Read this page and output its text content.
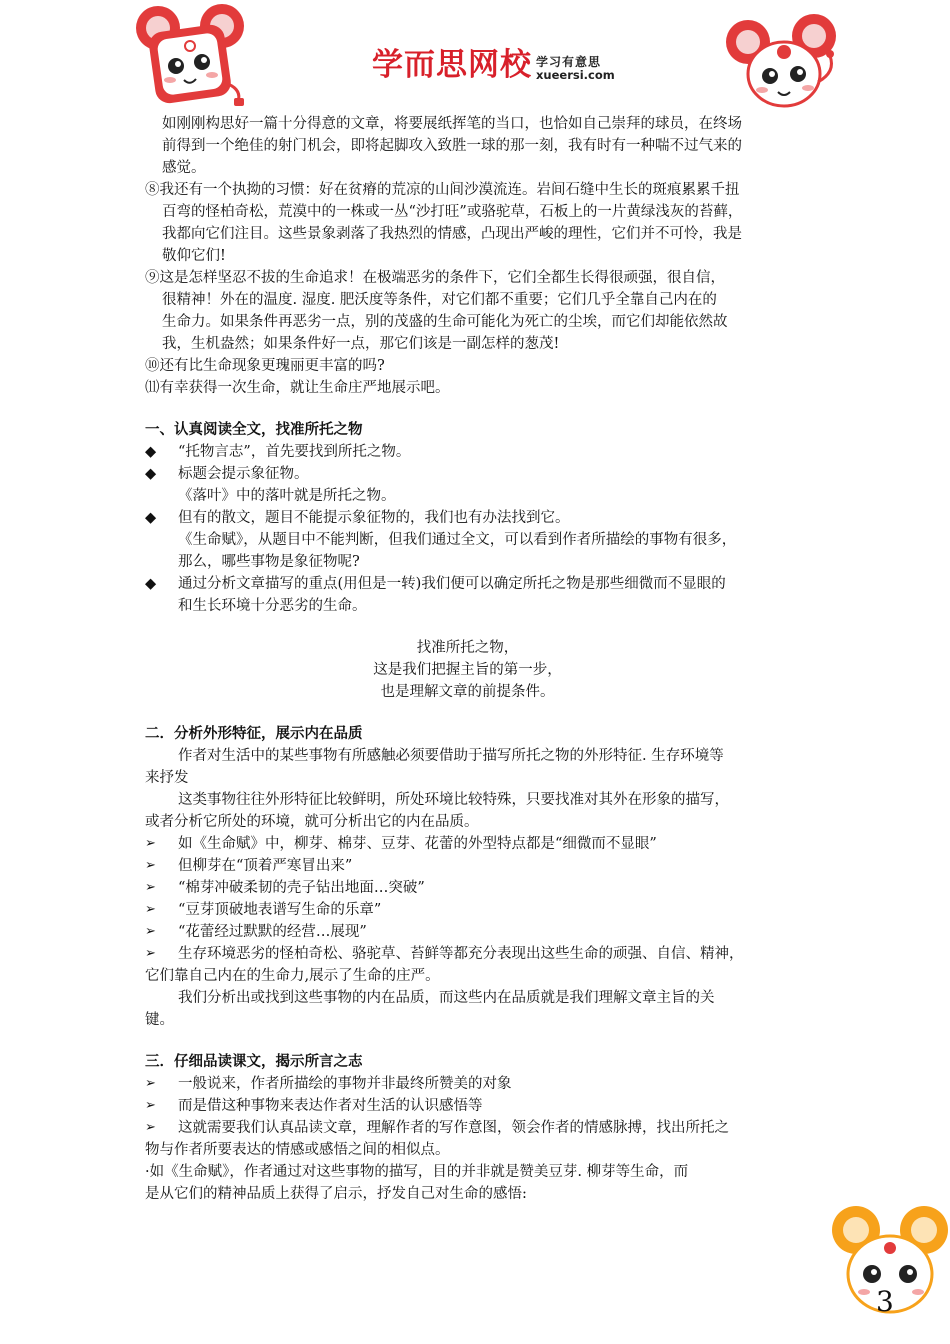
学而思网校 学习有意思
xueersi.com
如刚刚构思好一篇十分得意的文章，将要展纸挥笔的当口，也恰如自己崇拜的球员，在终场
前得到一个绝佳的射门机会，即将起脚攻入致胜一球的那一刻，我有时有一种喘不过气来的
感觉。
⑧我还有一个执拗的习惯：好在贫瘠的荒凉的山间沙漠流连。岩间石缝中生长的斑痕累累千扭
百弯的怪柏奇松，荒漠中的一株或一丛“沙打旺”或骆驼草，石板上的一片黄绿浅灰的苔藓，
我都向它们注目。这些景象剥落了我热烈的情感，凸现出严峻的理性，它们并不可怜，我是
敬仰它们!
⑨这是怎样坚忍不拔的生命追求！在极端恶劣的条件下，它们全都生长得很顽强，很自信，
很精神！外在的温度. 湿度. 肥沃度等条件，对它们都不重要；它们几乎全靠自己内在的
生命力。如果条件再恶劣一点，别的茂盛的生命可能化为死亡的尘埃，而它们却能依然故
我，生机盎然；如果条件好一点，那它们该是一副怎样的葱茂!
⑩还有比生命现象更瑰丽更丰富的吗?
⑾有幸获得一次生命，就让生命庄严地展示吧。
一、认真阅读全文，找准所托之物
◆	“托物言志”，首先要找到所托之物。
◆	标题会提示象征物。
《落叶》中的落叶就是所托之物。
◆	但有的散文，题目不能提示象征物的，我们也有办法找到它。
《生命赋》，从题目中不能判断，但我们通过全文，可以看到作者所描绘的事物有很多，
那么，哪些事物是象征物呢?
◆	通过分析文章描写的重点(用但是一转)我们便可以确定所托之物是那些细微而不显眼的
和生长环境十分恶劣的生命。
找准所托之物，
这是我们把握主旨的第一步，
也是理解文章的前提条件。
二．分析外形特征，展示内在品质
作者对生活中的某些事物有所感触必须要借助于描写所托之物的外形特征. 生存环境等
来抒发
这类事物往往外形特征比较鲜明，所处环境比较特殊，只要找准对其外在形象的描写，
或者分析它所处的环境，就可分析出它的内在品质。
➢	如《生命赋》中，柳芽、棉芽、豆芽、花蕾的外型特点都是“细微而不显眼”
➢	但柳芽在“顶着严寒冒出来”
➢	“棉芽冲破柔韧的壳子钻出地面…突破”
➢	“豆芽顶破地表谱写生命的乐章”
➢	“花蕾经过默默的经营…展现”
➢	生存环境恶劣的怪柏奇松、骆驼草、苔鲜等都充分表现出这些生命的顽强、自信、精神，
它们靠自己内在的生命力,展示了生命的庄严。
我们分析出或找到这些事物的内在品质，而这些内在品质就是我们理解文章主旨的关
键。
三．仔细品读课文，揭示所言之志
➢	一般说来，作者所描绘的事物并非最终所赞美的对象
➢	而是借这种事物来表达作者对生活的认识感悟等
➢	这就需要我们认真品读文章，理解作者的写作意图，领会作者的情感脉搏，找出所托之
物与作者所要表达的情感或感悟之间的相似点。
·如《生命赋》，作者通过对这些事物的描写，目的并非就是赞美豆芽. 柳芽等生命，而
是从它们的精神品质上获得了启示，抒发自己对生命的感悟:
3
